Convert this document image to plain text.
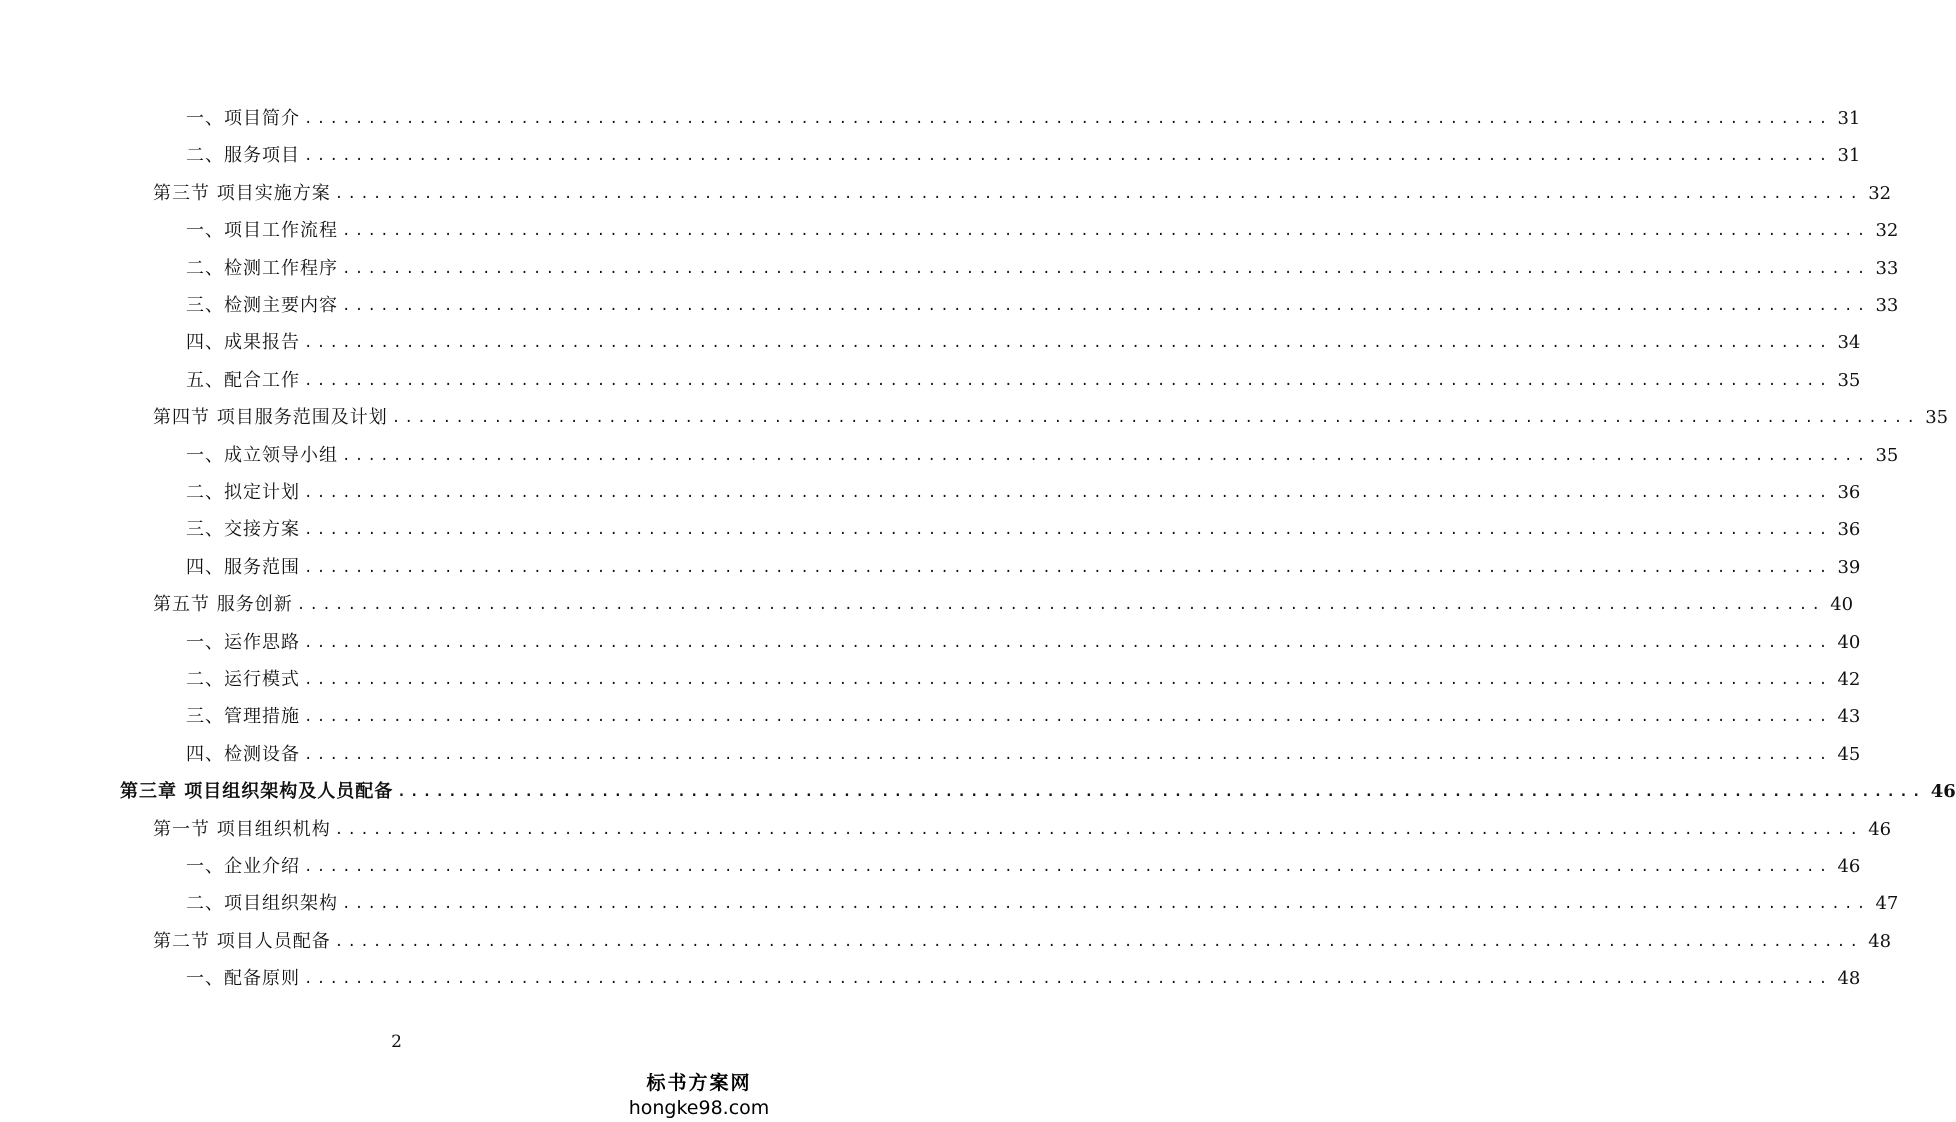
一、项目简介 ........................................................................................................................ 31
二、服务项目 ........................................................................................................................ 31
第三节 项目实施方案 ........................................................................................................................ 32
一、项目工作流程 ........................................................................................................................ 32
二、检测工作程序 ........................................................................................................................ 33
三、检测主要内容 ........................................................................................................................ 33
四、成果报告 ........................................................................................................................ 34
五、配合工作 ........................................................................................................................ 35
第四节 项目服务范围及计划 ........................................................................................................................ 35
一、成立领导小组 ........................................................................................................................ 35
二、拟定计划 ........................................................................................................................ 36
三、交接方案 ........................................................................................................................ 36
四、服务范围 ........................................................................................................................ 39
第五节 服务创新 ........................................................................................................................ 40
一、运作思路 ........................................................................................................................ 40
二、运行模式 ........................................................................................................................ 42
三、管理措施 ........................................................................................................................ 43
四、检测设备 ........................................................................................................................ 45
第三章 项目组织架构及人员配备 ........................................................................................................................ 46
第一节 项目组织机构 ........................................................................................................................ 46
一、企业介绍 ........................................................................................................................ 46
二、项目组织架构 ........................................................................................................................ 47
第二节 项目人员配备 ........................................................................................................................ 48
一、配备原则 ........................................................................................................................ 48
2
标书方案网
hongke98.com
